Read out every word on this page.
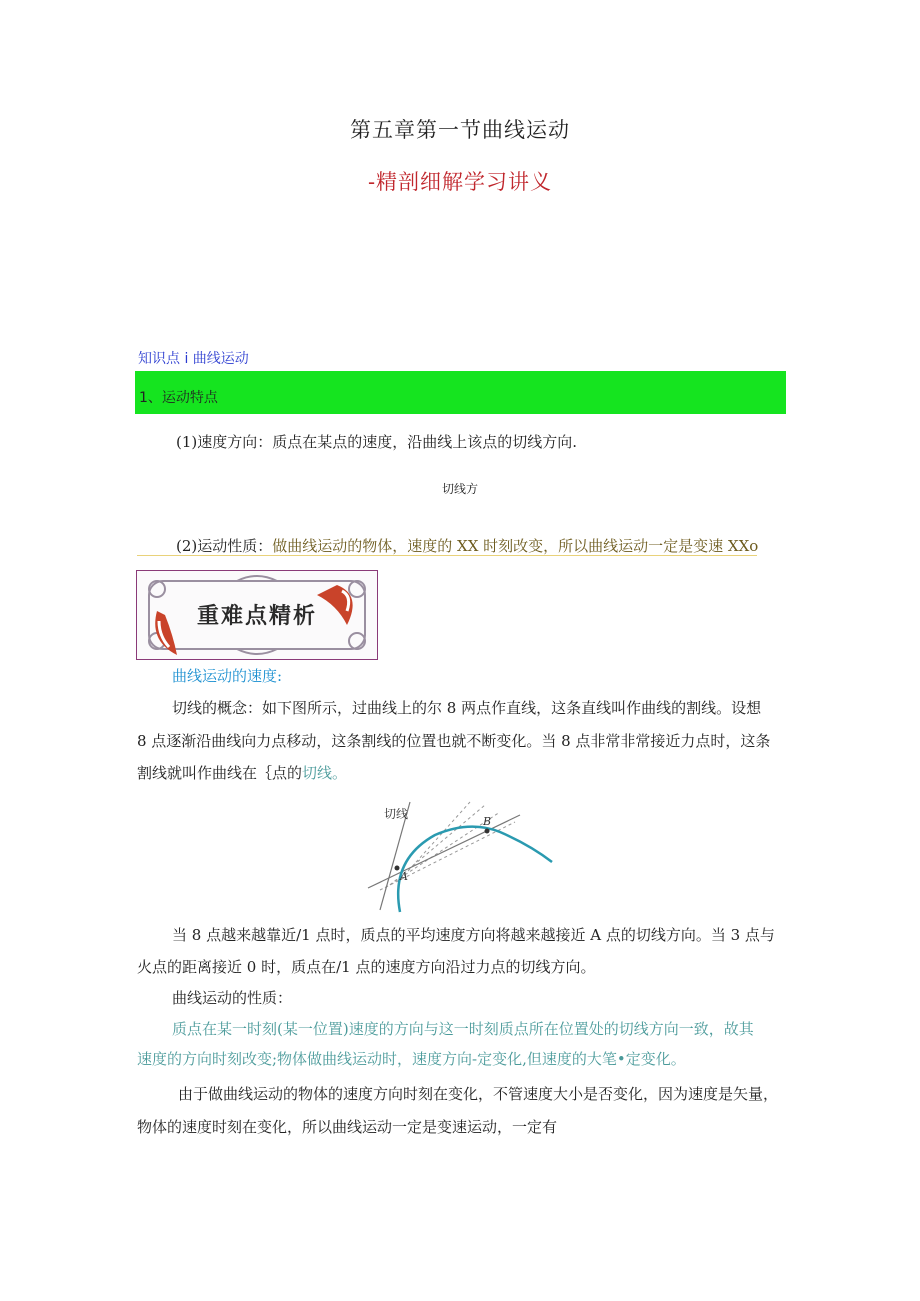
第五章第一节曲线运动
-精剖细解学习讲义
知识点 i 曲线运动
1、运动特点
(1)速度方向：质点在某点的速度，沿曲线上该点的切线方向.
切线方
(2)运动性质：做曲线运动的物体，速度的 XX 时刻改变，所以曲线运动一定是变速 XXo
重难点精析
曲线运动的速度:
切线的概念：如下图所示，过曲线上的尔 8 两点作直线，这条直线叫作曲线的割线。设想
8 点逐渐沿曲线向力点移动，这条割线的位置也就不断变化。当 8 点非常非常接近力点时，这条
割线就叫作曲线在｛点的切线。
切线
A
B
当 8 点越来越靠近/1 点时，质点的平均速度方向将越来越接近 A 点的切线方向。当 3 点与
火点的距离接近 0 时，质点在/1 点的速度方向沿过力点的切线方向。
曲线运动的性质：
质点在某一时刻(某一位置)速度的方向与这一时刻质点所在位置处的切线方向一致，故其
速度的方向时刻改变;物体做曲线运动时，速度方向-定变化,但速度的大笔•定变化。
由于做曲线运动的物体的速度方向时刻在变化，不管速度大小是否变化，因为速度是矢量，
物体的速度时刻在变化，所以曲线运动一定是变速运动，一定有
